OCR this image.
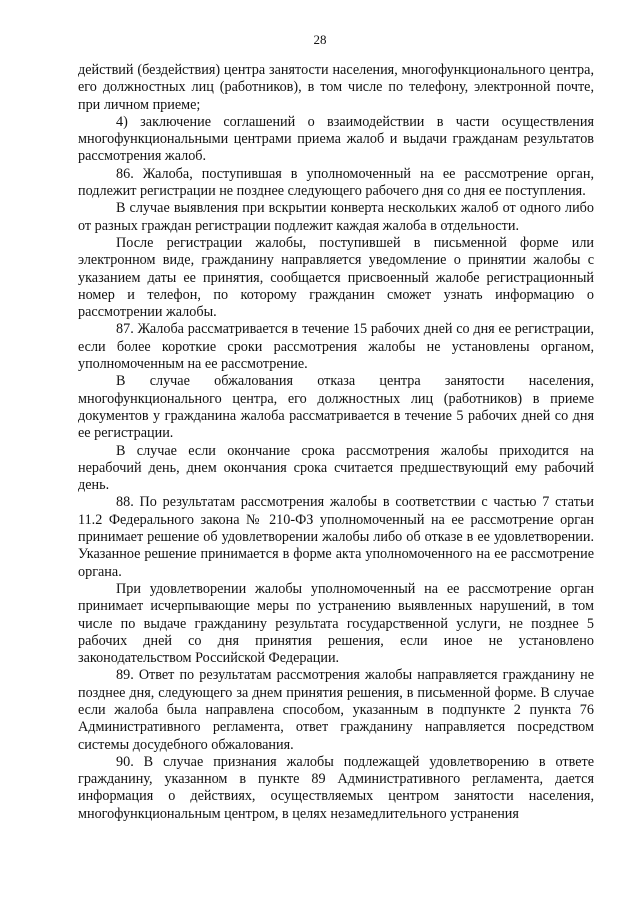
28

действий (бездействия) центра занятости населения, многофункционального центра, его должностных лиц (работников), в том числе по телефону, электронной почте, при личном приеме;

4) заключение соглашений о взаимодействии в части осуществления многофункциональными центрами приема жалоб и выдачи гражданам результатов рассмотрения жалоб.

86. Жалоба, поступившая в уполномоченный на ее рассмотрение орган, подлежит регистрации не позднее следующего рабочего дня со дня ее поступления.

В случае выявления при вскрытии конверта нескольких жалоб от одного либо от разных граждан регистрации подлежит каждая жалоба в отдельности.

После регистрации жалобы, поступившей в письменной форме или электронном виде, гражданину направляется уведомление о принятии жалобы с указанием даты ее принятия, сообщается присвоенный жалобе регистрационный номер и телефон, по которому гражданин сможет узнать информацию о рассмотрении жалобы.

87. Жалоба рассматривается в течение 15 рабочих дней со дня ее регистрации, если более короткие сроки рассмотрения жалобы не установлены органом, уполномоченным на ее рассмотрение.

В случае обжалования отказа центра занятости населения, многофункционального центра, его должностных лиц (работников) в приеме документов у гражданина жалоба рассматривается в течение 5 рабочих дней со дня ее регистрации.

В случае если окончание срока рассмотрения жалобы приходится на нерабочий день, днем окончания срока считается предшествующий ему рабочий день.

88. По результатам рассмотрения жалобы в соответствии с частью 7 статьи 11.2 Федерального закона № 210-ФЗ уполномоченный на ее рассмотрение орган принимает решение об удовлетворении жалобы либо об отказе в ее удовлетворении. Указанное решение принимается в форме акта уполномоченного на ее рассмотрение органа.

При удовлетворении жалобы уполномоченный на ее рассмотрение орган принимает исчерпывающие меры по устранению выявленных нарушений, в том числе по выдаче гражданину результата государственной услуги, не позднее 5 рабочих дней со дня принятия решения, если иное не установлено законодательством Российской Федерации.

89. Ответ по результатам рассмотрения жалобы направляется гражданину не позднее дня, следующего за днем принятия решения, в письменной форме. В случае если жалоба была направлена способом, указанным в подпункте 2 пункта 76 Административного регламента, ответ гражданину направляется посредством системы досудебного обжалования.

90. В случае признания жалобы подлежащей удовлетворению в ответе гражданину, указанном в пункте 89 Административного регламента, дается информация о действиях, осуществляемых центром занятости населения, многофункциональным центром, в целях незамедлительного устранения
